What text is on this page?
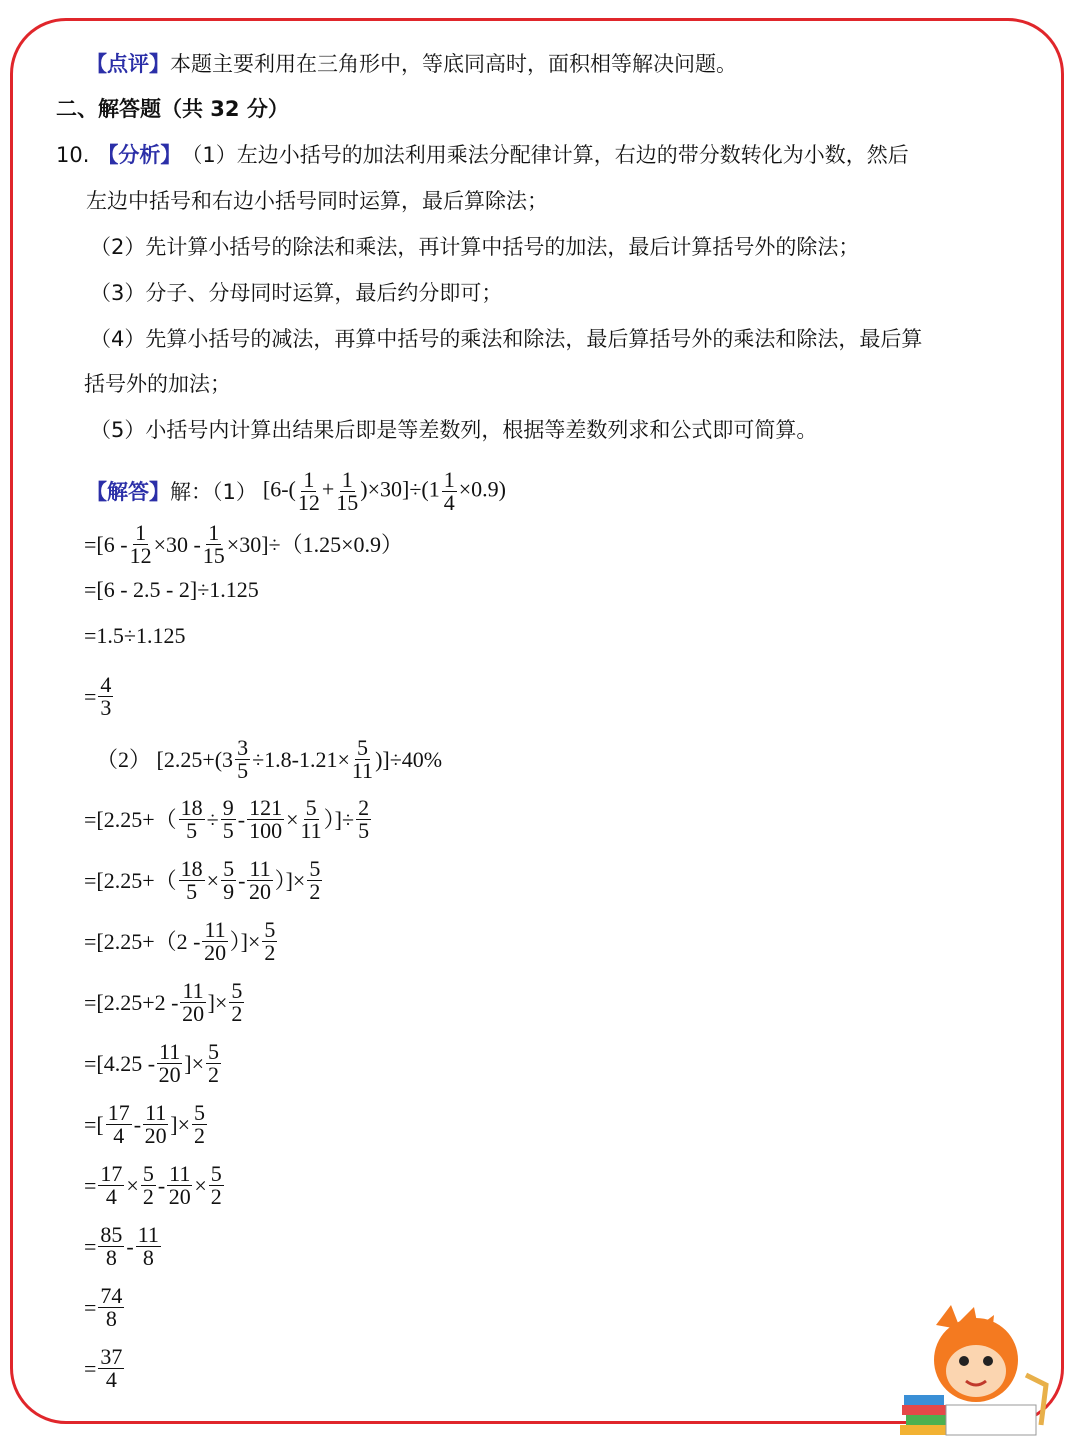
【点评】 本题主要利用在三角形中，等底同高时，面积相等解决问题。
二、解答题（共 32 分）
10. 【分析】 （1）左边小括号的加法利用乘法分配律计算，右边的带分数转化为小数，然后
左边中括号和右边小括号同时运算，最后算除法；
（2）先计算小括号的除法和乘法，再计算中括号的加法，最后计算括号外的除法；
（3）分子、分母同时运算，最后约分即可；
（4）先算小括号的减法，再算中括号的乘法和除法，最后算括号外的乘法和除法，最后算
括号外的加法；
（5）小括号内计算出结果后即是等差数列，根据等差数列求和公式即可简算。
【解答】 解：（1） $[6-( \frac{1}{12} + \frac{1}{15} )\times 30]\div(1 \frac{1}{4} \times 0.9)$
$=[6 - \frac{1}{12} \times 30 - \frac{1}{15} \times 30]\div(1.25\times 0.9)$
=[6 - 2.5 - 2]÷1.125
=1.5÷1.125
= $\frac{4}{3}$
（2） $[2.25+(3 \frac{3}{5} \div 1.8-1.21\times \frac{5}{11} )]\div 40\%$
$=[2.25+( \frac{18}{5} \div \frac{9}{5} - \frac{121}{100} \times \frac{5}{11}$ ）]÷ $\frac{2}{5}$
$=[2.25+( \frac{18}{5} \times \frac{5}{9} - \frac{11}{20}$ ）]× $\frac{5}{2}$
$=[2.25+(2 - \frac{11}{20}$ ）]× $\frac{5}{2}$
$=[2.25+2 - \frac{11}{20}$ ]× $\frac{5}{2}$
$=[4.25 - \frac{11}{20}$ ]× $\frac{5}{2}$
=[ $\frac{17}{4} - \frac{11}{20}$ ]× $\frac{5}{2}$
= $\frac{17}{4} \times \frac{5}{2} - \frac{11}{20} \times \frac{5}{2}$
= $\frac{85}{8} - \frac{11}{8}$
= $\frac{74}{8}$
= $\frac{37}{4}$
